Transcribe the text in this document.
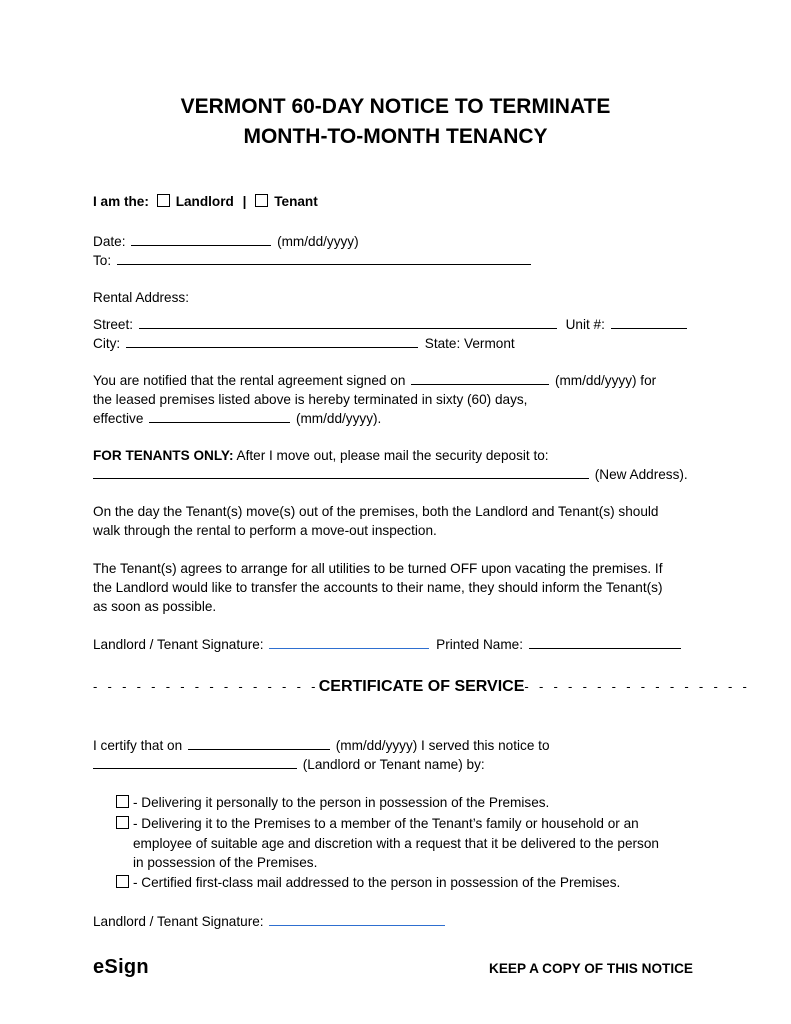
VERMONT 60-DAY NOTICE TO TERMINATE
MONTH-TO-MONTH TENANCY
I am the: Landlord | Tenant
Date:	(mm/dd/yyyy)
To:
Rental Address:
Street:	Unit #:
City:	State: Vermont
You are notified that the rental agreement signed on	(mm/dd/yyyy) for
the leased premises listed above is hereby terminated in sixty (60) days,
effective	(mm/dd/yyyy).
FOR TENANTS ONLY: After I move out, please mail the security deposit to:
(New Address).
On the day the Tenant(s) move(s) out of the premises, both the Landlord and Tenant(s) should
walk through the rental to perform a move-out inspection.
The Tenant(s) agrees to arrange for all utilities to be turned OFF upon vacating the premises. If
the Landlord would like to transfer the accounts to their name, they should inform the Tenant(s)
as soon as possible.
Landlord / Tenant Signature:	Printed Name:
- - - - - - - - - - - - - - - - CERTIFICATE OF SERVICE - - - - - - - - - - - - - - - -
I certify that on	(mm/dd/yyyy) I served this notice to
(Landlord or Tenant name) by:
- Delivering it personally to the person in possession of the Premises.
- Delivering it to the Premises to a member of the Tenant’s family or household or an employee of suitable age and discretion with a request that it be delivered to the person in possession of the Premises.
- Certified first-class mail addressed to the person in possession of the Premises.
Landlord / Tenant Signature:
eSign	KEEP A COPY OF THIS NOTICE
